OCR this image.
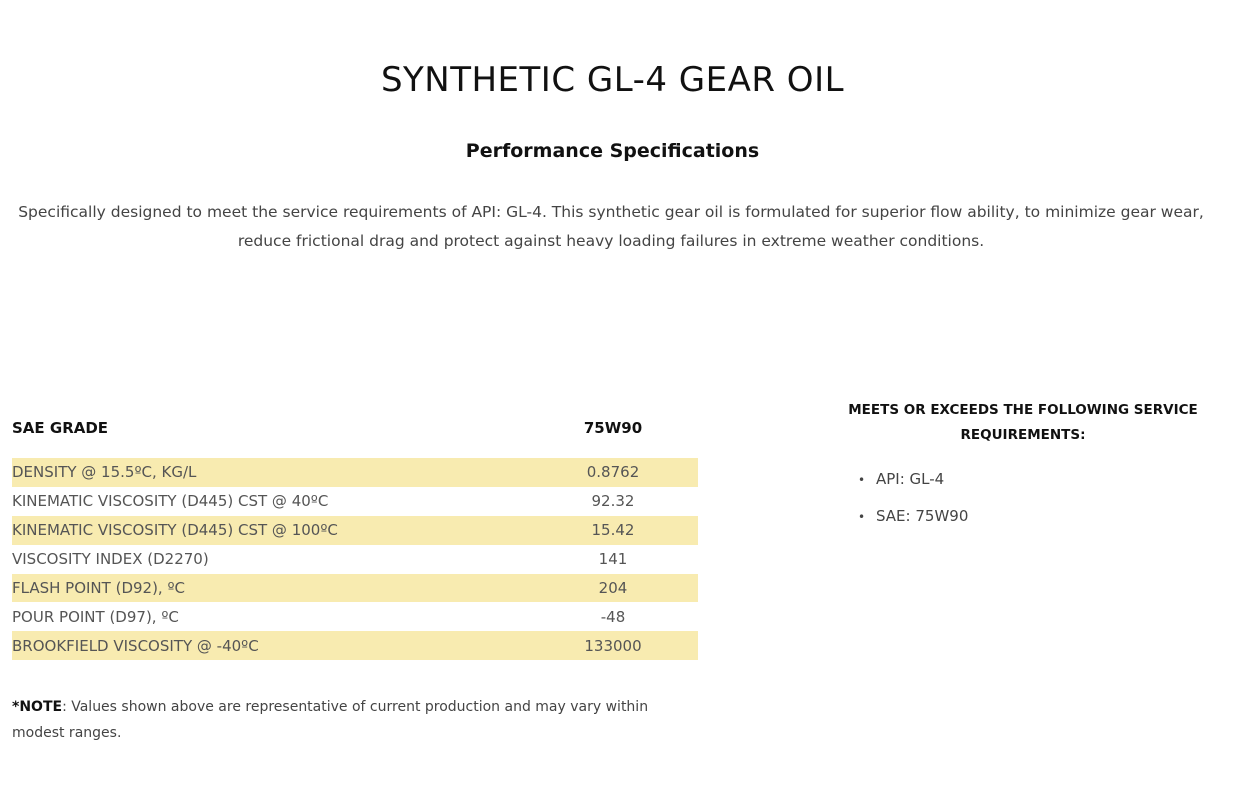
SYNTHETIC GL-4 GEAR OIL
Performance Specifications

Specifically designed to meet the service requirements of API: GL-4. This synthetic gear oil is formulated for superior flow ability, to minimize gear wear, reduce frictional drag and protect against heavy loading failures in extreme weather conditions.

SAE GRADE	75W90
DENSITY @ 15.5ºC, KG/L	0.8762
KINEMATIC VISCOSITY (D445) CST @ 40ºC	92.32
KINEMATIC VISCOSITY (D445) CST @ 100ºC	15.42
VISCOSITY INDEX (D2270)	141
FLASH POINT (D92), ºC	204
POUR POINT (D97), ºC	-48
BROOKFIELD VISCOSITY @ -40ºC	133000

*NOTE: Values shown above are representative of current production and may vary within modest ranges.

MEETS OR EXCEEDS THE FOLLOWING SERVICE REQUIREMENTS:
• API: GL-4
• SAE: 75W90
